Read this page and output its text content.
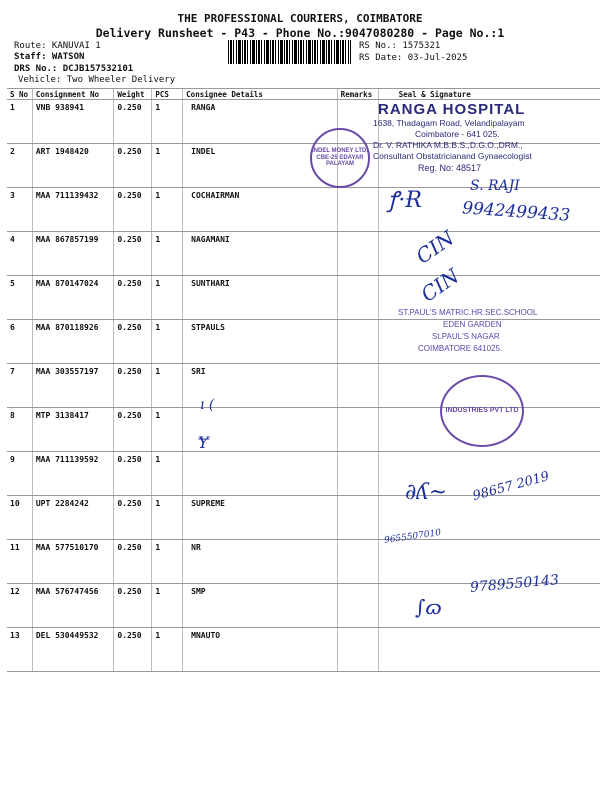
THE PROFESSIONAL COURIERS, COIMBATORE
Delivery Runsheet - P43 - Phone No.:9047080280 - Page No.:1
Route: KANUVAI 1
Staff: WATSON
DRS No.: DCJB157532101
Vehicle: Two Wheeler Delivery
RS No.: 1575321
RS Date: 03-Jul-2025
S No	Consignment No	Weight	PCS	Consignee Details	Remarks	Seal & Signature
1	VNB 938941	0.250	1	RANGA		
2	ART 1948420	0.250	1	INDEL		
3	MAA 711139432	0.250	1	COCHAIRMAN		
4	MAA 867857199	0.250	1	NAGAMANI		
5	MAA 870147024	0.250	1	SUNTHARI		
6	MAA 870118926	0.250	1	STPAULS		
7	MAA 303557197	0.250	1	SRI		
8	MTP 3138417	0.250	1			
9	MAA 711139592	0.250	1			
10	UPT 2284242	0.250	1	SUPREME		
11	MAA 577510170	0.250	1	NR		
12	MAA 576747456	0.250	1	SMP		
13	DEL 530449532	0.250	1	MNAUTO		
RANGA HOSPITAL
1638, Thadagam Road, Velandipalayam
Coimbatore - 641 025.
Dr. V. RATHIKA M.B.B.S.,D.G.O.,DRM.,
Consultant Obstatricianand Gynaecologist
Reg. No: 48517
INDEL MONEY LTD. CBE-25 EDAYAR PALAYAM
S. RAJI
ꝭ·Ɍ 9942499433
CIN
CIN
ST.PAUL'S MATRIC.HR.SEC.SCHOOL
EDEN GARDEN
St.PAUL'S NAGAR
COIMBATORE 641025.
INDUSTRIES PVT LTD
∂ʎ~ 98657 2019
9655507010
9789550143
∫ɷ
ı (
Ɏ
